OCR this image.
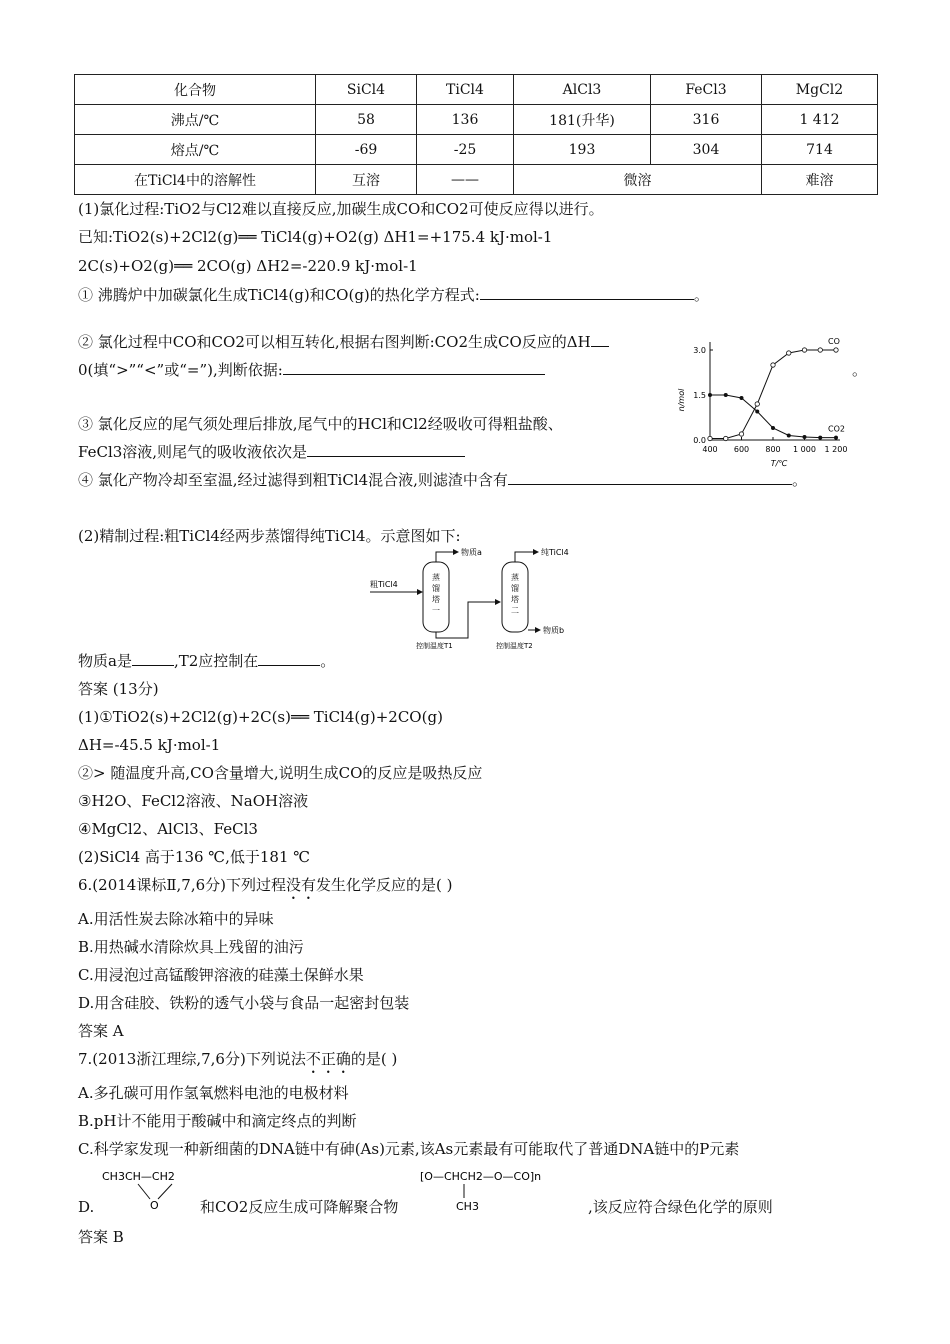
化合物	SiCl4	TiCl4	AlCl3	FeCl3	MgCl2
沸点/℃	58	136	181(升华)	316	1 412
熔点/℃	-69	-25	193	304	714
在TiCl4中的溶解性	互溶	——	微溶		难溶
(1)氯化过程:TiO2与Cl2难以直接反应,加碳生成CO和CO2可使反应得以进行。
已知:TiO2(s)+2Cl2(g)══ TiCl4(g)+O2(g) ΔH1=+175.4 kJ·mol-1
2C(s)+O2(g)══ 2CO(g) ΔH2=-220.9 kJ·mol-1
① 沸腾炉中加碳氯化生成TiCl4(g)和CO(g)的热化学方程式:	。
② 氯化过程中CO和CO2可以相互转化,根据右图判断:CO2生成CO反应的ΔH
0(填“>”“<”或“=”),判断依据:	。
③ 氯化反应的尾气须处理后排放,尾气中的HCl和Cl2经吸收可得粗盐酸、
FeCl3溶液,则尾气的吸收液依次是
④ 氯化产物冷却至室温,经过滤得到粗TiCl4混合液,则滤渣中含有	。
0.0
1.5
3.0
400 600 800 1 000 1 200
n/mol
T/℃
CO
CO2
(2)精制过程:粗TiCl4经两步蒸馏得纯TiCl4。示意图如下:
粗TiCl4
蒸
馏
塔
一
物质a
蒸
馏
塔
二
纯TiCl4
物质b
控制温度T1	控制温度T2
物质a是	,T2应控制在	。
答案 (13分)
(1)①TiO2(s)+2Cl2(g)+2C(s)══ TiCl4(g)+2CO(g)
ΔH=-45.5 kJ·mol-1
②> 随温度升高,CO含量增大,说明生成CO的反应是吸热反应
③H2O、FeCl2溶液、NaOH溶液
④MgCl2、AlCl3、FeCl3
(2)SiCl4 高于136 ℃,低于181 ℃
6.(2014课标Ⅱ,7,6分)下列过程没有发生化学反应的是( )
A.用活性炭去除冰箱中的异味
B.用热碱水清除炊具上残留的油污
C.用浸泡过高锰酸钾溶液的硅藻土保鲜水果
D.用含硅胶、铁粉的透气小袋与食品一起密封包装
答案 A
7.(2013浙江理综,7,6分)下列说法不正确的是( )
A.多孔碳可用作氢氧燃料电池的电极材料
B.pH计不能用于酸碱中和滴定终点的判断
C.科学家发现一种新细菌的DNA链中有砷(As)元素,该As元素最有可能取代了普通DNA链中的P元素
D.
CH3CH—CH2
O	和CO2反应生成可降解聚合物
[O—CHCH2—O—CO]n
CH3	,该反应符合绿色化学的原则
答案 B
